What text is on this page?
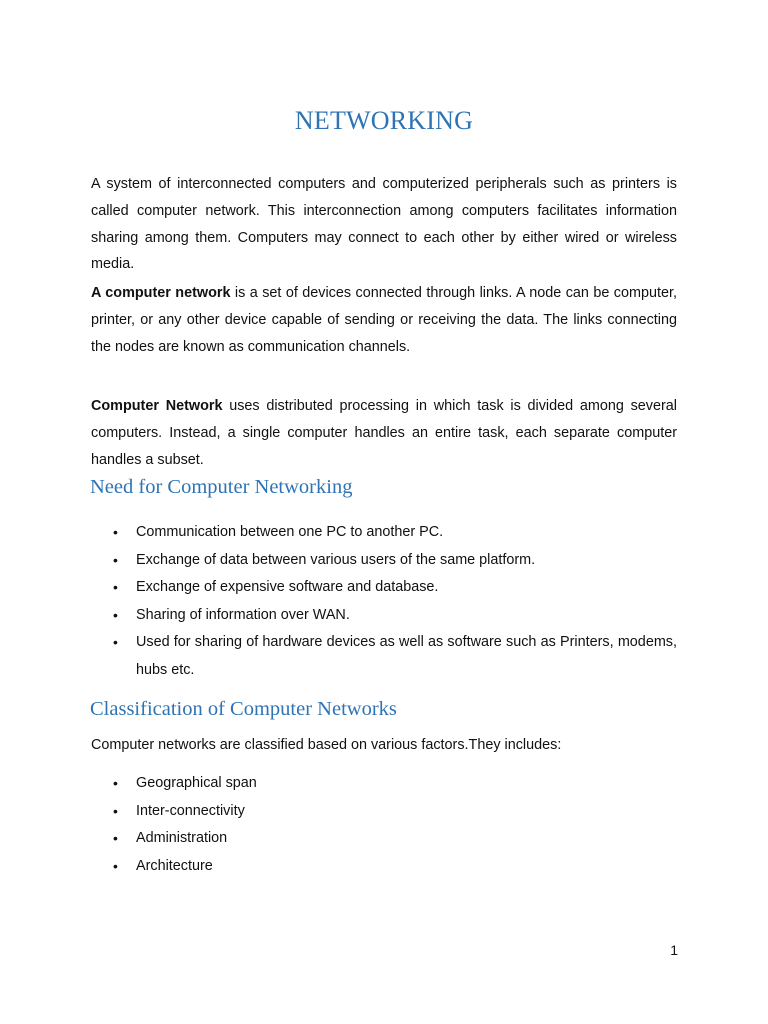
NETWORKING

A system of interconnected computers and computerized peripherals such as printers is called computer network. This interconnection among computers facilitates information sharing among them. Computers may connect to each other by either wired or wireless media.

A computer network is a set of devices connected through links. A node can be computer, printer, or any other device capable of sending or receiving the data. The links connecting the nodes are known as communication channels.

Computer Network uses distributed processing in which task is divided among several computers. Instead, a single computer handles an entire task, each separate computer handles a subset.

Need for Computer Networking
• Communication between one PC to another PC.
• Exchange of data between various users of the same platform.
• Exchange of expensive software and database.
• Sharing of information over WAN.
• Used for sharing of hardware devices as well as software such as Printers, modems, hubs etc.
Classification of Computer Networks

Computer networks are classified based on various factors.They includes:

• Geographical span
• Inter-connectivity
• Administration
• Architecture

1
